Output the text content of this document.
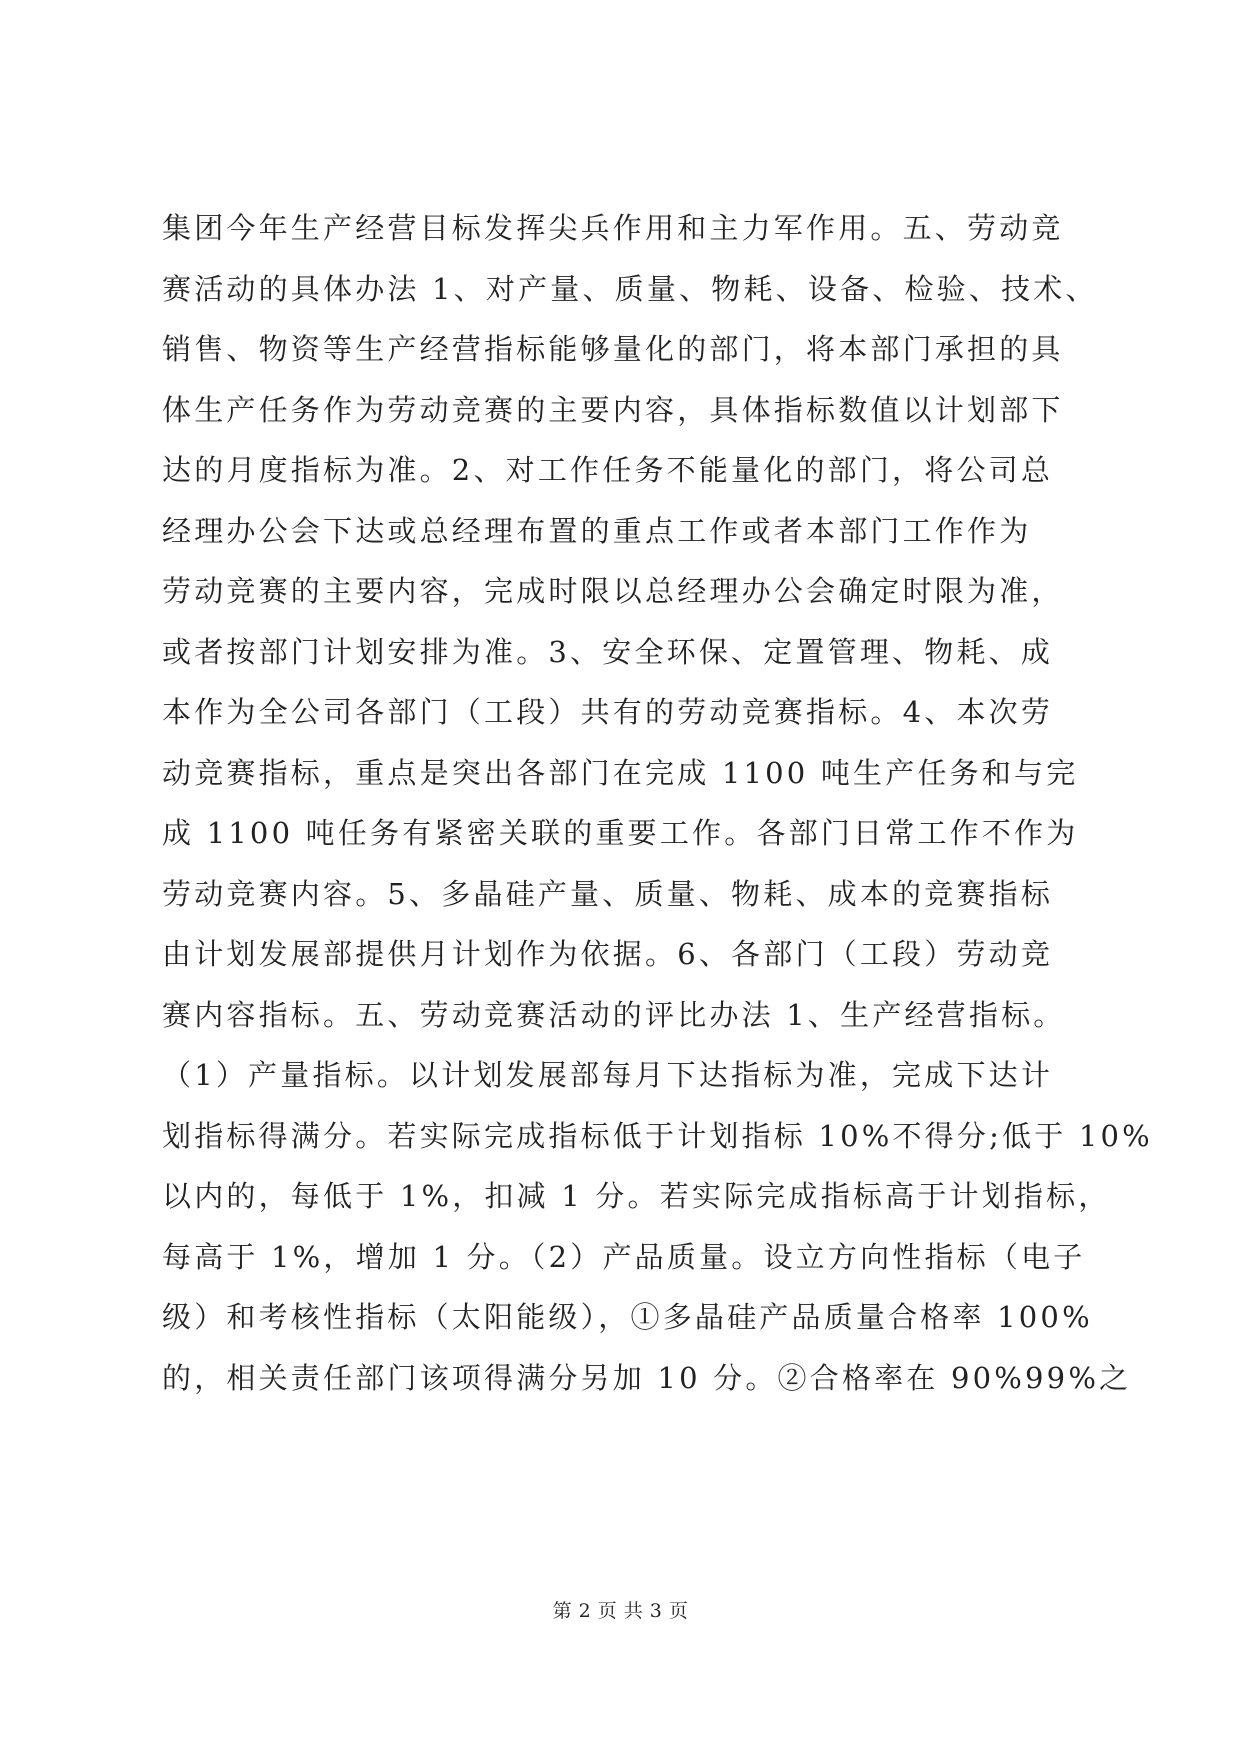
集团今年生产经营目标发挥尖兵作用和主力军作用。五、劳动竞
赛活动的具体办法 1、对产量、质量、物耗、设备、检验、技术、
销售、物资等生产经营指标能够量化的部门，将本部门承担的具
体生产任务作为劳动竞赛的主要内容，具体指标数值以计划部下
达的月度指标为准。2、对工作任务不能量化的部门，将公司总
经理办公会下达或总经理布置的重点工作或者本部门工作作为
劳动竞赛的主要内容，完成时限以总经理办公会确定时限为准，
或者按部门计划安排为准。3、安全环保、定置管理、物耗、成
本作为全公司各部门（工段）共有的劳动竞赛指标。4、本次劳
动竞赛指标，重点是突出各部门在完成 1100 吨生产任务和与完
成 1100 吨任务有紧密关联的重要工作。各部门日常工作不作为
劳动竞赛内容。5、多晶硅产量、质量、物耗、成本的竞赛指标
由计划发展部提供月计划作为依据。6、各部门（工段）劳动竞
赛内容指标。五、劳动竞赛活动的评比办法 1、生产经营指标。
（1）产量指标。以计划发展部每月下达指标为准，完成下达计
划指标得满分。若实际完成指标低于计划指标 10%不得分;低于 10%
以内的，每低于 1%，扣减 1 分。若实际完成指标高于计划指标，
每高于 1%，增加 1 分。（2）产品质量。设立方向性指标（电子
级）和考核性指标（太阳能级），①多晶硅产品质量合格率 100%
的，相关责任部门该项得满分另加 10 分。②合格率在 90%99%之
第 2 页 共 3 页
